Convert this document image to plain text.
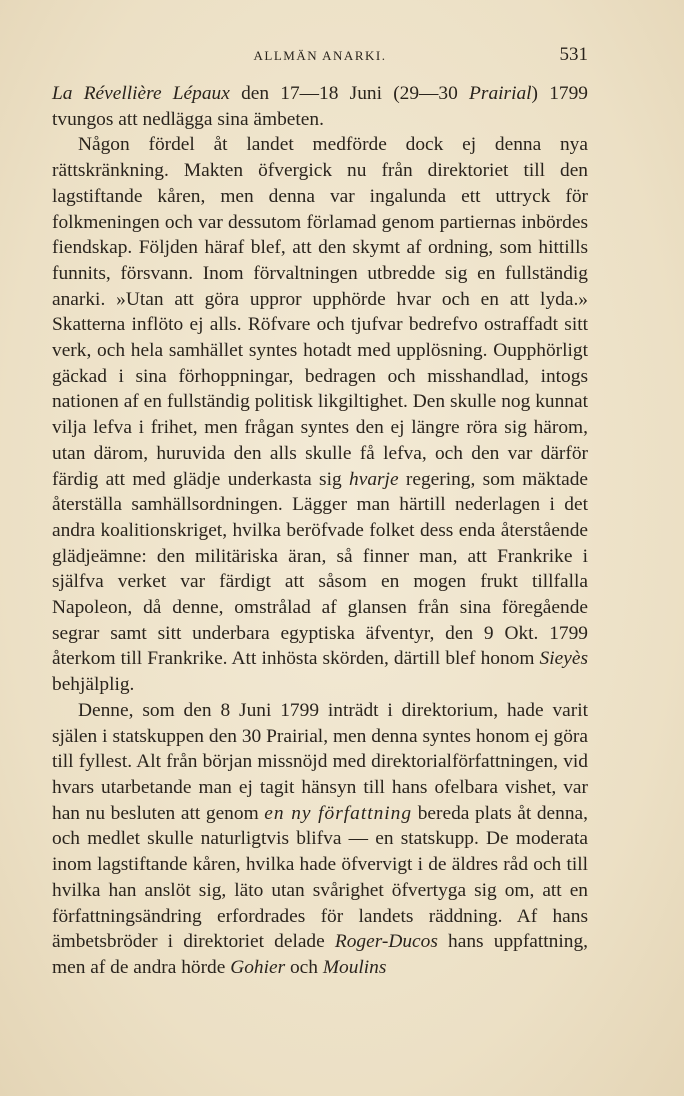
ALLMÄN ANARKI.	531

La Révellière Lépaux den 17—18 Juni (29—30 Prairial) 1799 tvungos att nedlägga sina ämbeten.

Någon fördel åt landet medförde dock ej denna nya rättskränkning. Makten öfvergick nu från direktoriet till den lagstiftande kåren, men denna var ingalunda ett uttryck för folkmeningen och var dessutom förlamad genom partiernas inbördes fiendskap. Följden häraf blef, att den skymt af ordning, som hittills funnits, försvann. Inom förvaltningen utbredde sig en fullständig anarki. »Utan att göra uppror upphörde hvar och en att lyda.» Skatterna inflöto ej alls. Röfvare och tjufvar bedrefvo ostraffadt sitt verk, och hela samhället syntes hotadt med upplösning. Oupphörligt gäckad i sina förhoppningar, bedragen och misshandlad, intogs nationen af en fullständig politisk likgiltighet. Den skulle nog kunnat vilja lefva i frihet, men frågan syntes den ej längre röra sig härom, utan därom, huruvida den alls skulle få lefva, och den var därför färdig att med glädje underkasta sig hvarje regering, som mäktade återställa samhällsordningen. Lägger man härtill nederlagen i det andra koalitionskriget, hvilka beröfvade folket dess enda återstående glädjeämne: den militäriska äran, så finner man, att Frankrike i själfva verket var färdigt att såsom en mogen frukt tillfalla Napoleon, då denne, omstrålad af glansen från sina föregående segrar samt sitt underbara egyptiska äfventyr, den 9 Okt. 1799 återkom till Frankrike. Att inhösta skörden, därtill blef honom Sieyès behjälplig.

Denne, som den 8 Juni 1799 inträdt i direktorium, hade varit själen i statskuppen den 30 Prairial, men denna syntes honom ej göra till fyllest. Alt från början missnöjd med direktorialförfattningen, vid hvars utarbetande man ej tagit hänsyn till hans ofelbara vishet, var han nu besluten att genom en ny författning bereda plats åt denna, och medlet skulle naturligtvis blifva — en statskupp. De moderata inom lagstiftande kåren, hvilka hade öfvervigt i de äldres råd och till hvilka han anslöt sig, läto utan svårighet öfvertyga sig om, att en författningsändring erfordrades för landets räddning. Af hans ämbetsbröder i direktoriet delade Roger-Ducos hans uppfattning, men af de andra hörde Gohier och Moulins
